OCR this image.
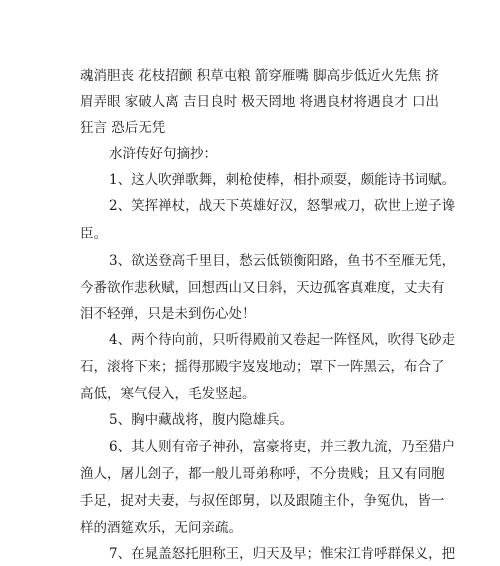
魂消胆丧 花枝招颤 积草屯粮 箭穿雁嘴 脚高步低近火先焦 挤

眉弄眼 家破人离 吉日良时 极天罔地 将遇良材将遇良才 口出

狂言 恐后无凭

水浒传好句摘抄：

1、这人吹弹歌舞，刺枪使棒，相扑顽耍，颇能诗书词赋。

2、笑挥禅杖，战天下英雄好汉，怒掣戒刀，砍世上逆子谗

臣。

3、欲送登高千里目，愁云低锁衡阳路，鱼书不至雁无凭，

今番欲作悲秋赋，回想西山又日斜，天边孤客真难度，丈夫有

泪不轻弹，只是未到伤心处！

4、两个待向前，只听得殿前又卷起一阵怪风，吹得飞砂走

石，滚将下来；摇得那殿宇岌岌地动；罩下一阵黑云，布合了

高低，寒气侵入，毛发竖起。

5、胸中藏战将，腹内隐雄兵。

6、其人则有帝子神孙，富豪将吏，并三教九流，乃至猎户

渔人，屠儿刽子，都一般儿哥弟称呼，不分贵贱；且又有同胞

手足，捉对夫妻，与叔侄郎舅，以及跟随主仆，争冤仇，皆一

样的酒筵欢乐，无问亲疏。

7、在晁盖怒托胆称王，归天及早；惟宋江肯呼群保义，把
